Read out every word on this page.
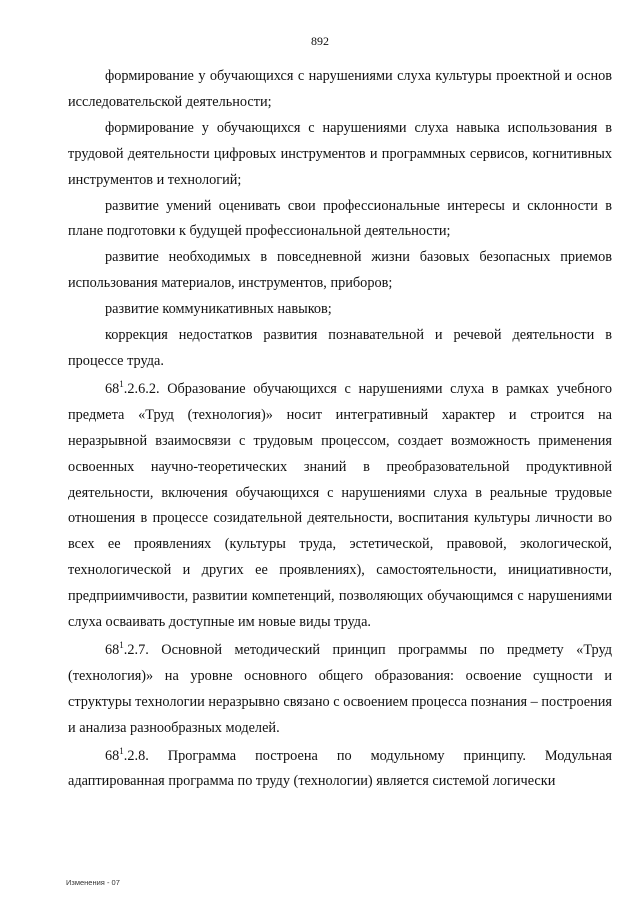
892

формирование у обучающихся с нарушениями слуха культуры проектной и основ исследовательской деятельности;

формирование у обучающихся с нарушениями слуха навыка использования в трудовой деятельности цифровых инструментов и программных сервисов, когнитивных инструментов и технологий;

развитие умений оценивать свои профессиональные интересы и склонности в плане подготовки к будущей профессиональной деятельности;

развитие необходимых в повседневной жизни базовых безопасных приемов использования материалов, инструментов, приборов;

развитие коммуникативных навыков;

коррекция недостатков развития познавательной и речевой деятельности в процессе труда.

$68^1.2.6.2$. Образование обучающихся с нарушениями слуха в рамках учебного предмета «Труд (технология)» носит интегративный характер и строится на неразрывной взаимосвязи с трудовым процессом, создает возможность применения освоенных научно-теоретических знаний в преобразовательной продуктивной деятельности, включения обучающихся с нарушениями слуха в реальные трудовые отношения в процессе созидательной деятельности, воспитания культуры личности во всех ее проявлениях (культуры труда, эстетической, правовой, экологической, технологической и других ее проявлениях), самостоятельности, инициативности, предприимчивости, развитии компетенций, позволяющих обучающимся с нарушениями слуха осваивать доступные им новые виды труда.

$68^1.2.7$. Основной методический принцип программы по предмету «Труд (технология)» на уровне основного общего образования: освоение сущности и структуры технологии неразрывно связано с освоением процесса познания – построения и анализа разнообразных моделей.

$68^1.2.8$. Программа построена по модульному принципу. Модульная адаптированная программа по труду (технологии) является системой логически

Изменения - 07
